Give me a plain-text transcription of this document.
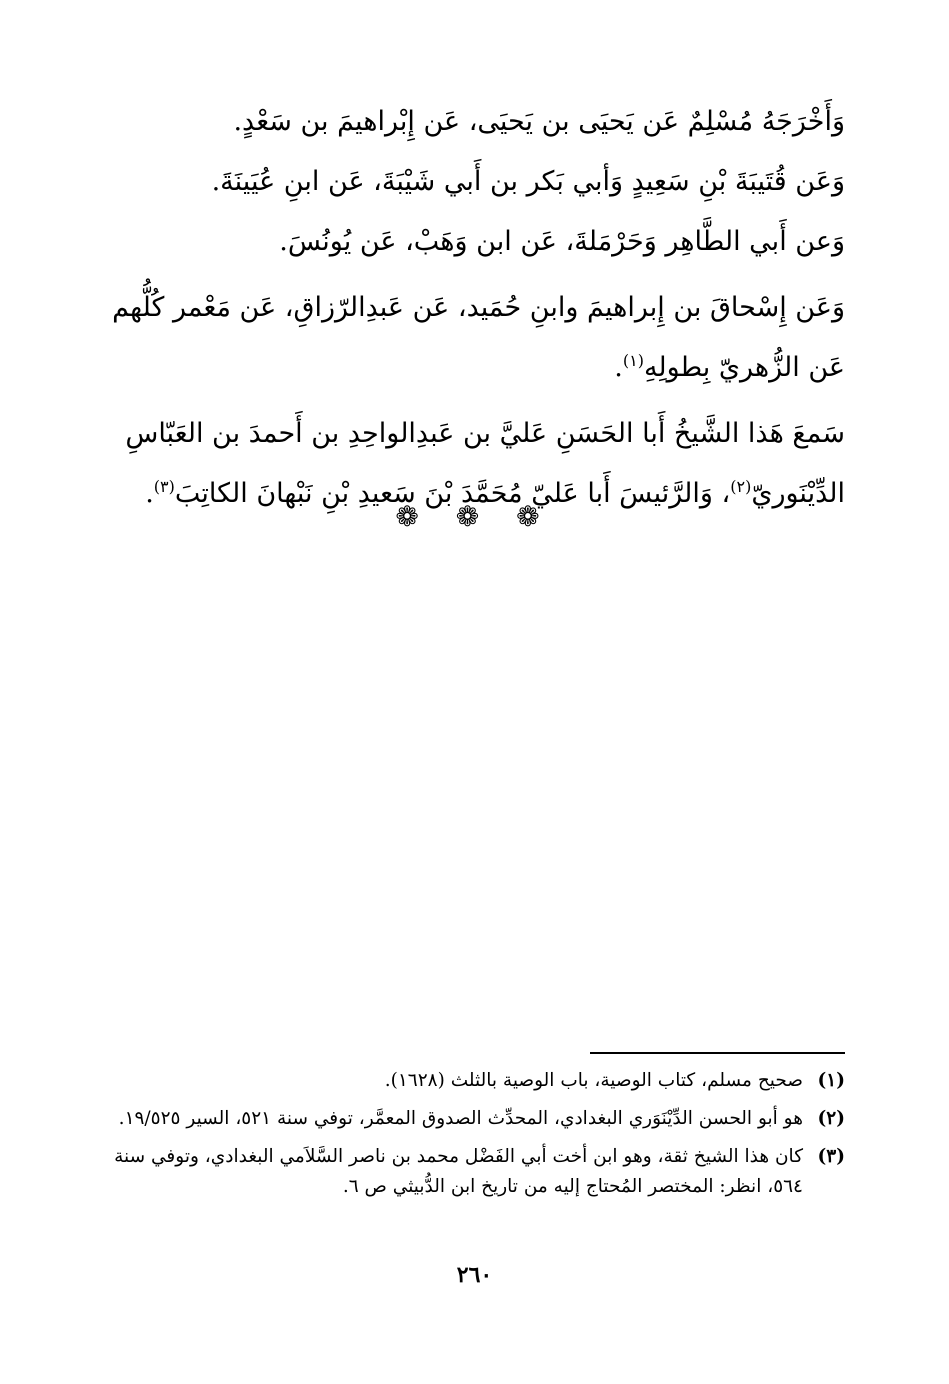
وَأَخْرَجَهُ مُسْلِمٌ عَن يَحيَى بن يَحيَى، عَن إِبْراهيمَ بن سَعْدٍ.

وَعَن قُتَيبَةَ بْنِ سَعِيدٍ وَأبي بَكر بن أَبي شَيْبَةَ، عَن ابنِ عُيَينَةَ.

وَعن أَبي الطَّاهِر وَحَرْمَلةَ، عَن ابن وَهَبْ، عَن يُونُسَ.

وَعَن إِسْحاقَ بن إِبراهيمَ وابنِ حُمَيد، عَن عَبدِالرّزاقِ، عَن مَعْمر كُلُّهم عَن الزُّهريّ بِطولِهِ$^{(١)}$.

سَمعَ هَذا الشَّيخُ أَبا الحَسَنِ عَليَّ بن عَبدِالواحِدِ بن أَحمدَ بن العَبّاسِ الدِّيْنَوريّ$^{(٢)}$، وَالرَّئيسَ أَبا عَليّ مُحَمَّدَ بْنَ سَعيدِ بْنِ نَبْهانَ الكاتِبَ$^{(٣)}$.

❁ ❁ ❁
(١)
صحيح مسلم، كتاب الوصية، باب الوصية بالثلث (١٦٢٨).
(٢)
هو أبو الحسن الدِّيْنَوَري البغدادي، المحدِّث الصدوق المعمَّر، توفي سنة ٥٢١، السير ١٩/٥٢٥.
(٣)
كان هذا الشيخ ثقة، وهو ابن أخت أبي الفَضْل محمد بن ناصر السَّلاَمي البغدادي، وتوفي سنة ٥٦٤، انظر: المختصر المُحتاج إليه من تاريخ ابن الدُّبيثي ص ٦.
٢٦٠
